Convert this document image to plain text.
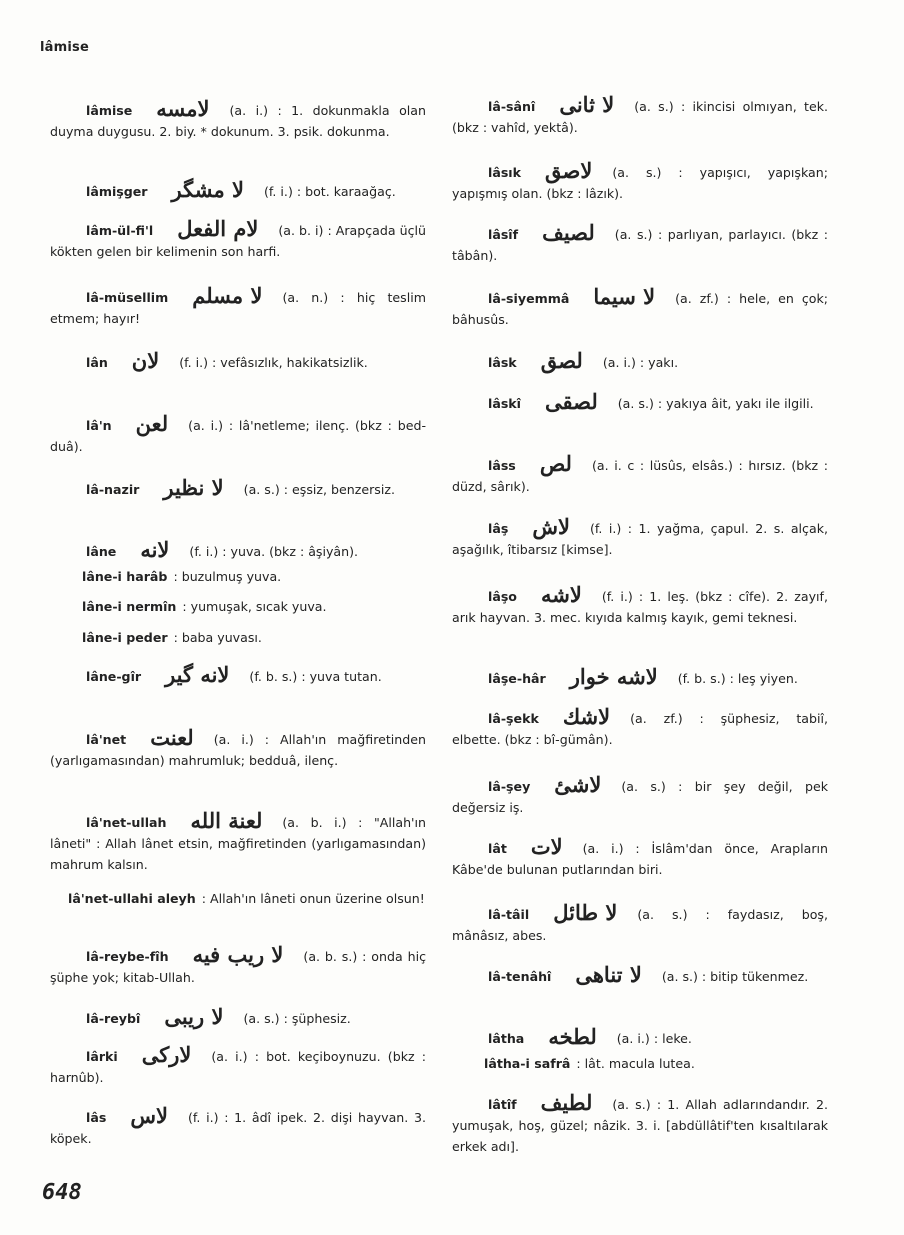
lâmise
lâmise لامسه (a. i.) : 1. dokunmakla olan duyma duygusu. 2. biy. * dokunum. 3. psik. dokunma.
lâmişger لا مشگر (f. i.) : bot. karaağaç.
lâm-ül-fi'l لام الفعل (a. b. i) : Arapçada üçlü kökten gelen bir kelimenin son harfi.
lâ-müsellim لا مسلم (a. n.) : hiç teslim etmem; hayır!
lân لان (f. i.) : vefâsızlık, hakikatsizlik.
lâ'n لعن (a. i.) : lâ'netleme; ilenç. (bkz : bed-duâ).
lâ-nazir لا نظير (a. s.) : eşsiz, benzersiz.
lâne لانه (f. i.) : yuva. (bkz : âşiyân).
lâne-i harâb : buzulmuş yuva.
lâne-i nermîn : yumuşak, sıcak yuva.
lâne-i peder : baba yuvası.
lâne-gîr لانه گير (f. b. s.) : yuva tutan.
lâ'net لعنت (a. i.) : Allah'ın mağfiretinden (yarlıgamasından) mahrumluk; bedduâ, ilenç.
lâ'net-ullah لعنة الله (a. b. i.) : "Allah'ın lâneti" : Allah lânet etsin, mağfiretinden (yarlıgamasından) mahrum kalsın.
lâ'net-ullahi aleyh : Allah'ın lâneti onun üzerine olsun!
lâ-reybe-fîh لا ريب فيه (a. b. s.) : onda hiç şüphe yok; kitab-Ullah.
lâ-reybî لا ريبى (a. s.) : şüphesiz.
lârki لاركى (a. i.) : bot. keçiboynuzu. (bkz : harnûb).
lâs لاس (f. i.) : 1. âdî ipek. 2. dişi hayvan. 3. köpek.
lâ-sânî لا ثانى (a. s.) : ikincisi olmıyan, tek. (bkz : vahîd, yektâ).
lâsık لاصق (a. s.) : yapışıcı, yapışkan; yapışmış olan. (bkz : lâzık).
lâsîf لصيف (a. s.) : parlıyan, parlayıcı. (bkz : tâbân).
lâ-siyemmâ لا سيما (a. zf.) : hele, en çok; bâhusûs.
lâsk لصق (a. i.) : yakı.
lâskî لصقى (a. s.) : yakıya âit, yakı ile ilgili.
lâss لص (a. i. c : lüsûs, elsâs.) : hırsız. (bkz : düzd, sârık).
lâş لاش (f. i.) : 1. yağma, çapul. 2. s. alçak, aşağılık, îtibarsız [kimse].
lâşo لاشه (f. i.) : 1. leş. (bkz : cîfe). 2. zayıf, arık hayvan. 3. mec. kıyıda kalmış kayık, gemi teknesi.
lâşe-hâr لاشه خوار (f. b. s.) : leş yiyen.
lâ-şekk لاشك (a. zf.) : şüphesiz, tabiî, elbette. (bkz : bî-gümân).
lâ-şey لاشئ (a. s.) : bir şey değil, pek değersiz iş.
lât لات (a. i.) : İslâm'dan önce, Arapların Kâbe'de bulunan putlarından biri.
lâ-tâil لا طائل (a. s.) : faydasız, boş, mânâsız, abes.
lâ-tenâhî لا تناهى (a. s.) : bitip tükenmez.
lâtha لطخه (a. i.) : leke.
lâtha-i safrâ : lât. macula lutea.
lâtîf لطيف (a. s.) : 1. Allah adlarındandır. 2. yumuşak, hoş, güzel; nâzik. 3. i. [abdüllâtif'ten kısaltılarak erkek adı].
648
